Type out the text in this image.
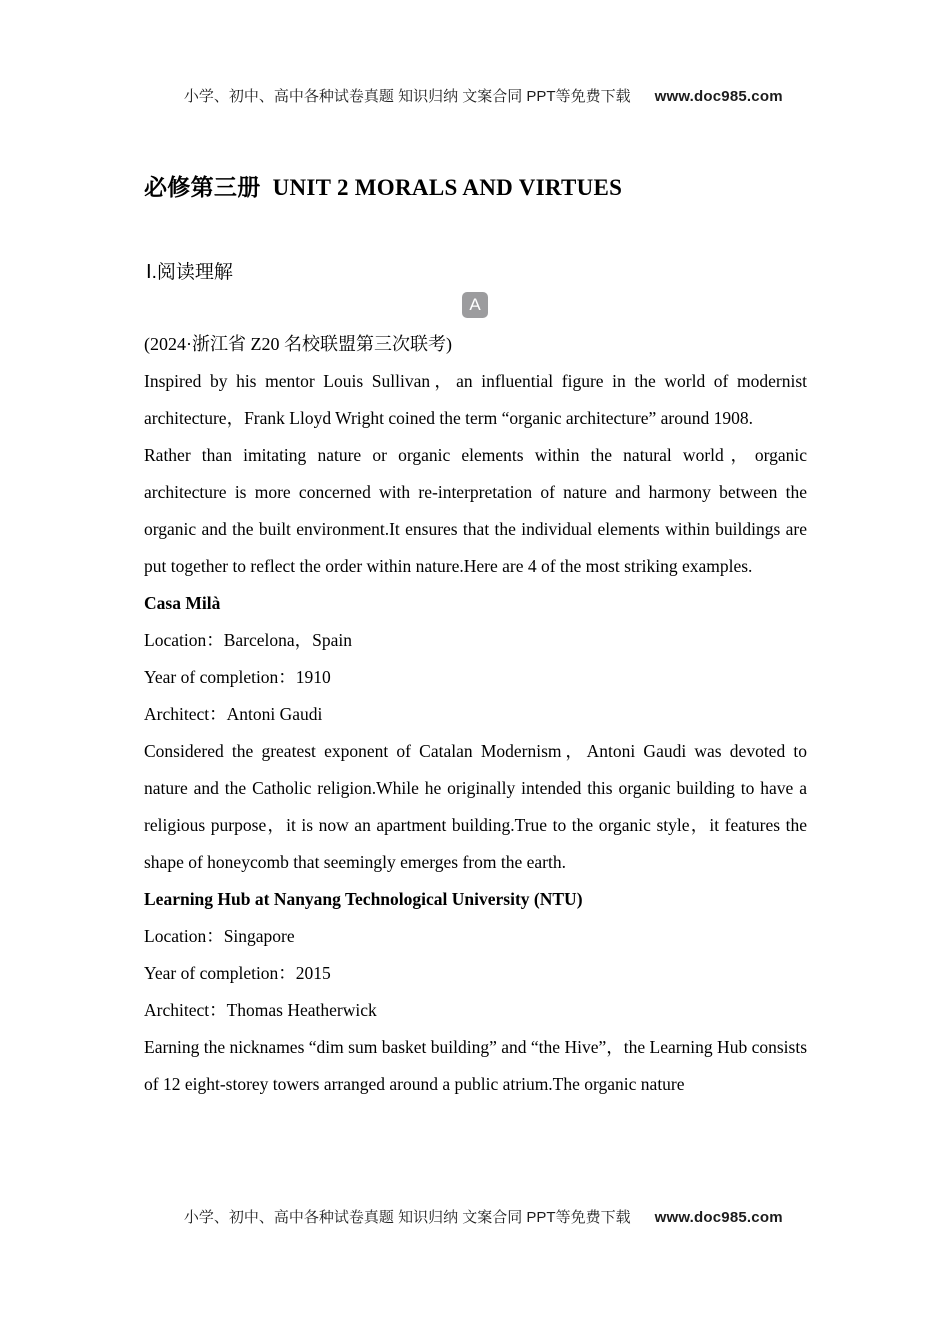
小学、初中、高中各种试卷真题 知识归纳 文案合同 PPT等免费下载 www.doc985.com

必修第三册  UNIT 2 MORALS AND VIRTUES
Ⅰ.阅读理解
A

(2024·浙江省 Z20 名校联盟第三次联考)

Inspired by his mentor Louis Sullivan，an influential figure in the world of modernist architecture，Frank Lloyd Wright coined the term “organic architecture” around 1908.

Rather than imitating nature or organic elements within the natural world，organic architecture is more concerned with re-interpretation of nature and harmony between the organic and the built environment.It ensures that the individual elements within buildings are put together to reflect the order within nature.Here are 4 of the most striking examples.

Casa Milà

Location：Barcelona，Spain

Year of completion：1910

Architect：Antoni Gaudi

Considered the greatest exponent of Catalan Modernism，Antoni Gaudi was devoted to nature and the Catholic religion.While he originally intended this organic building to have a religious purpose，it is now an apartment building.True to the organic style，it features the shape of honeycomb that seemingly emerges from the earth.

Learning Hub at Nanyang Technological University (NTU)

Location：Singapore

Year of completion：2015

Architect：Thomas Heatherwick

Earning the nicknames “dim sum basket building” and “the Hive”，the Learning Hub consists of 12 eight-storey towers arranged around a public atrium.The organic nature

小学、初中、高中各种试卷真题 知识归纳 文案合同 PPT等免费下载 www.doc985.com
